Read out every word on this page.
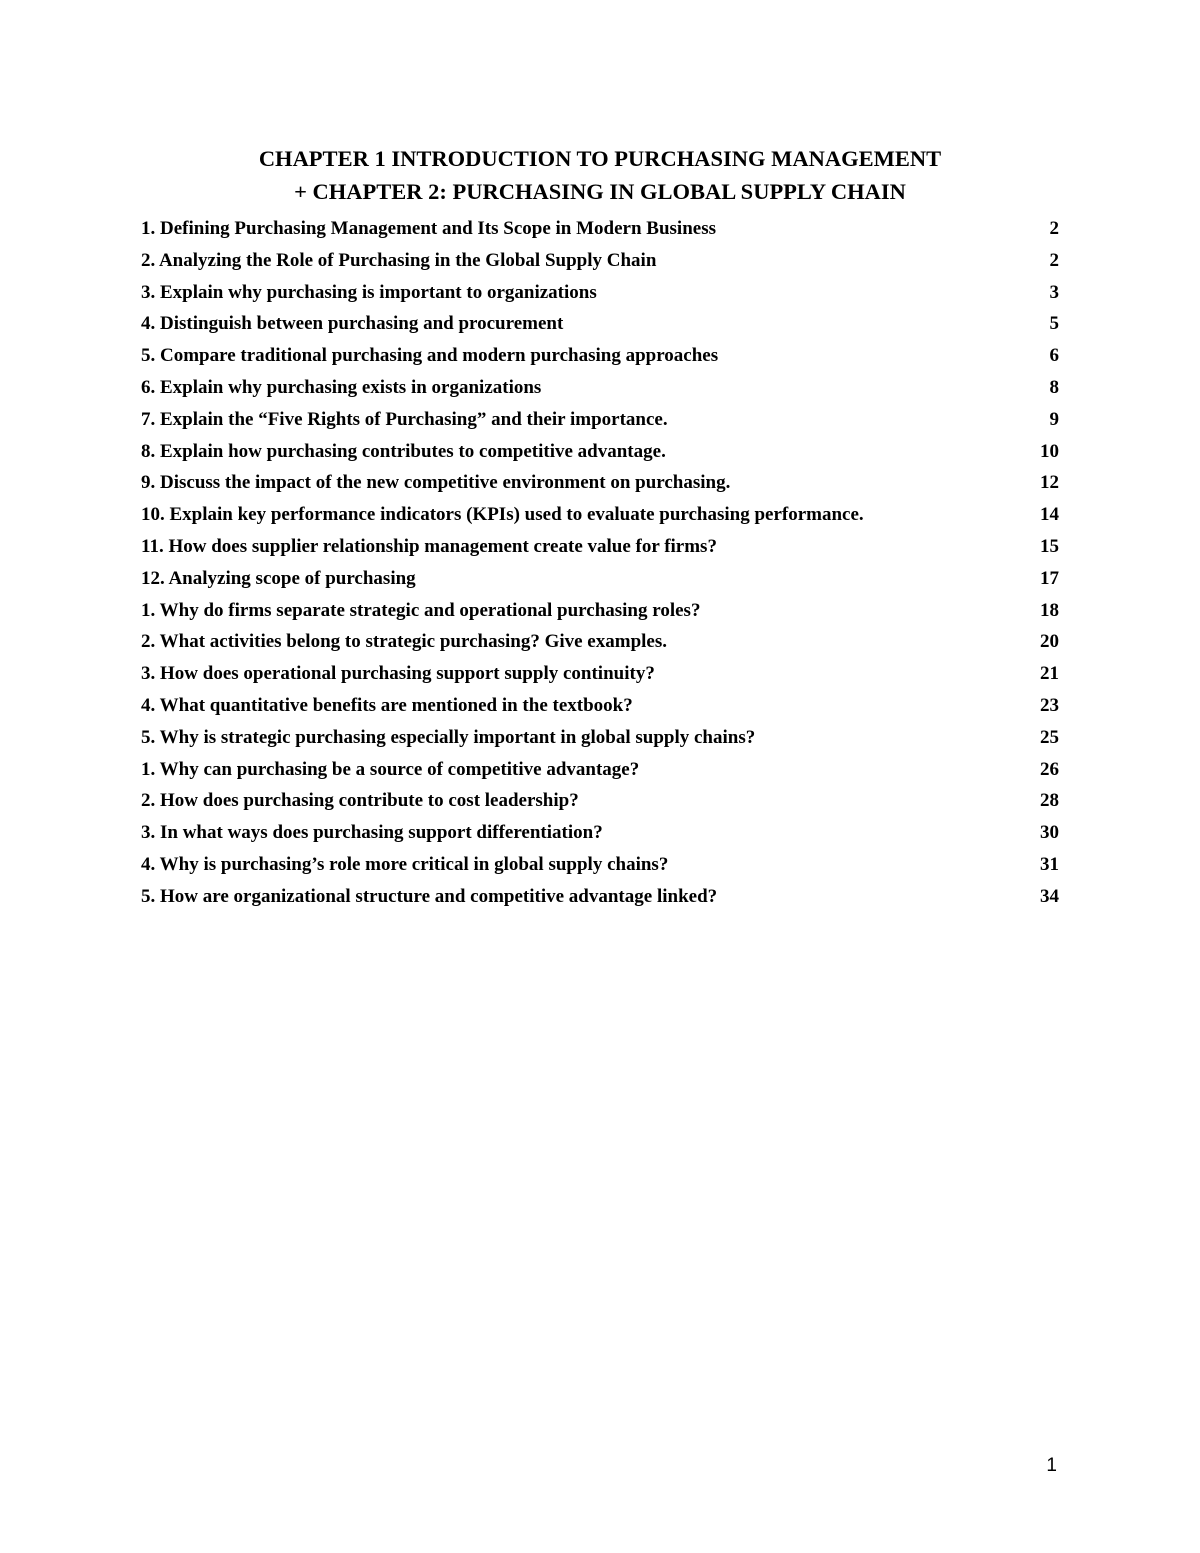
CHAPTER 1 INTRODUCTION TO PURCHASING MANAGEMENT
+ CHAPTER 2: PURCHASING IN GLOBAL SUPPLY CHAIN
1. Defining Purchasing Management and Its Scope in Modern Business	2
2. Analyzing the Role of Purchasing in the Global Supply Chain	2
3. Explain why purchasing is important to organizations	3
4. Distinguish between purchasing and procurement	5
5. Compare traditional purchasing and modern purchasing approaches	6
6. Explain why purchasing exists in organizations	8
7. Explain the “Five Rights of Purchasing” and their importance.	9
8. Explain how purchasing contributes to competitive advantage.	10
9. Discuss the impact of the new competitive environment on purchasing.	12
10. Explain key performance indicators (KPIs) used to evaluate purchasing performance.	14
11. How does supplier relationship management create value for firms?	15
12. Analyzing scope of purchasing	17
1. Why do firms separate strategic and operational purchasing roles?	18
2. What activities belong to strategic purchasing? Give examples.	20
3. How does operational purchasing support supply continuity?	21
4. What quantitative benefits are mentioned in the textbook?	23
5. Why is strategic purchasing especially important in global supply chains?	25
1. Why can purchasing be a source of competitive advantage?	26
2. How does purchasing contribute to cost leadership?	28
3. In what ways does purchasing support differentiation?	30
4. Why is purchasing’s role more critical in global supply chains?	31
5. How are organizational structure and competitive advantage linked?	34
1
